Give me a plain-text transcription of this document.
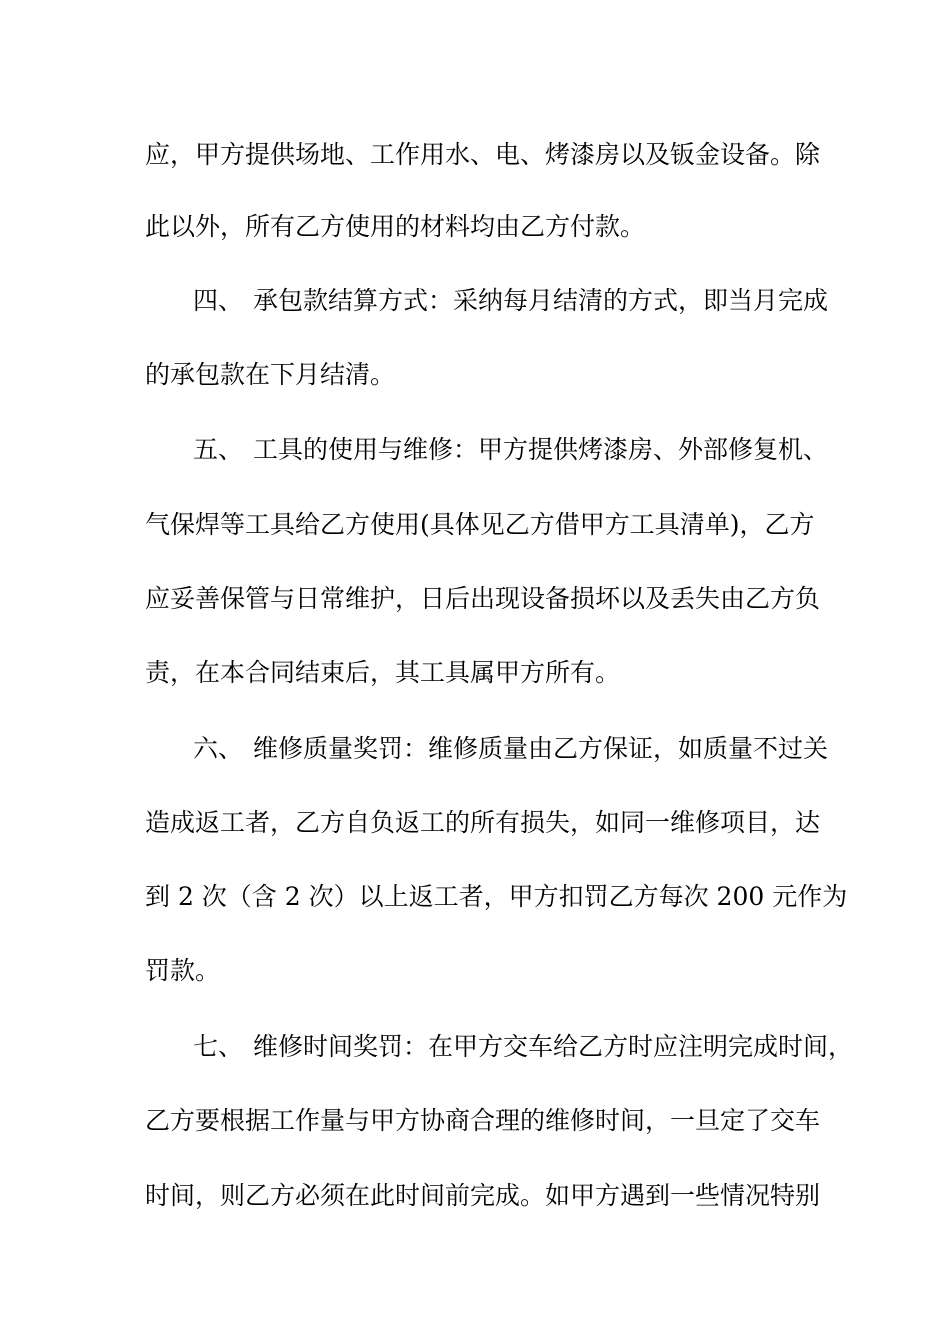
应，甲方提供场地、工作用水、电、烤漆房以及钣金设备。除
此以外，所有乙方使用的材料均由乙方付款。
四、 承包款结算方式：采纳每月结清的方式，即当月完成
的承包款在下月结清。
五、 工具的使用与维修：甲方提供烤漆房、外部修复机、
气保焊等工具给乙方使用(具体见乙方借甲方工具清单)，乙方
应妥善保管与日常维护，日后出现设备损坏以及丢失由乙方负
责，在本合同结束后，其工具属甲方所有。
六、 维修质量奖罚：维修质量由乙方保证，如质量不过关
造成返工者，乙方自负返工的所有损失，如同一维修项目，达
到 2 次（含 2 次）以上返工者，甲方扣罚乙方每次 200 元作为
罚款。
七、 维修时间奖罚：在甲方交车给乙方时应注明完成时间，
乙方要根据工作量与甲方协商合理的维修时间，一旦定了交车
时间，则乙方必须在此时间前完成。如甲方遇到一些情况特别
